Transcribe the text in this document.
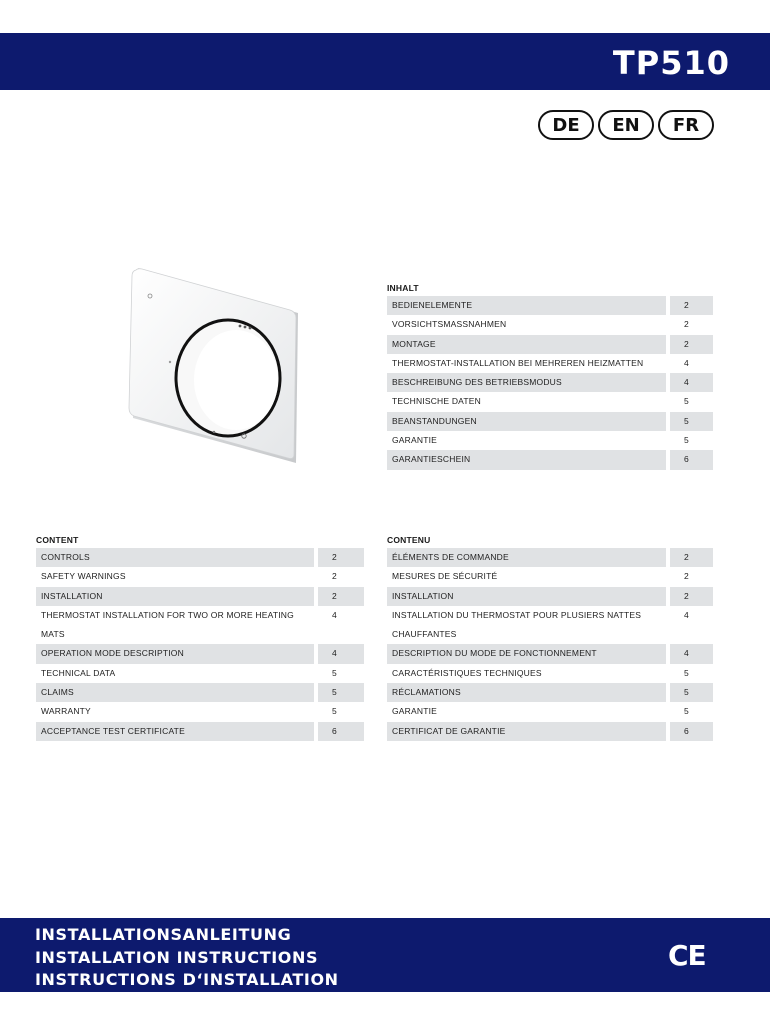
TP510
DE	EN	FR
INHALT
BEDIENELEMENTE	2
VORSICHTSMASSNAHMEN	2
MONTAGE	2
THERMOSTAT-INSTALLATION BEI MEHREREN HEIZMATTEN	4
BESCHREIBUNG DES BETRIEBSMODUS	4
TECHNISCHE DATEN	5
BEANSTANDUNGEN	5
GARANTIE	5
GARANTIESCHEIN	6
CONTENT
CONTROLS	2
SAFETY WARNINGS	2
INSTALLATION	2
THERMOSTAT INSTALLATION FOR TWO OR MORE HEATING MATS
4
OPERATION MODE DESCRIPTION	4
TECHNICAL DATA	5
CLAIMS	5
WARRANTY	5
ACCEPTANCE TEST CERTIFICATE	6
CONTENU
ÉLÉMENTS DE COMMANDE	2
MESURES DE SÉCURITÉ	2
INSTALLATION	2
INSTALLATION DU THERMOSTAT POUR PLUSIERS NATTES CHAUFFANTES
4
DESCRIPTION DU MODE DE FONCTIONNEMENT	4
CARACTÉRISTIQUES TECHNIQUES	5
RÉCLAMATIONS	5
GARANTIE	5
CERTIFICAT DE GARANTIE	6
INSTALLATIONSANLEITUNG
INSTALLATION INSTRUCTIONS
INSTRUCTIONS D‘INSTALLATION
CE
